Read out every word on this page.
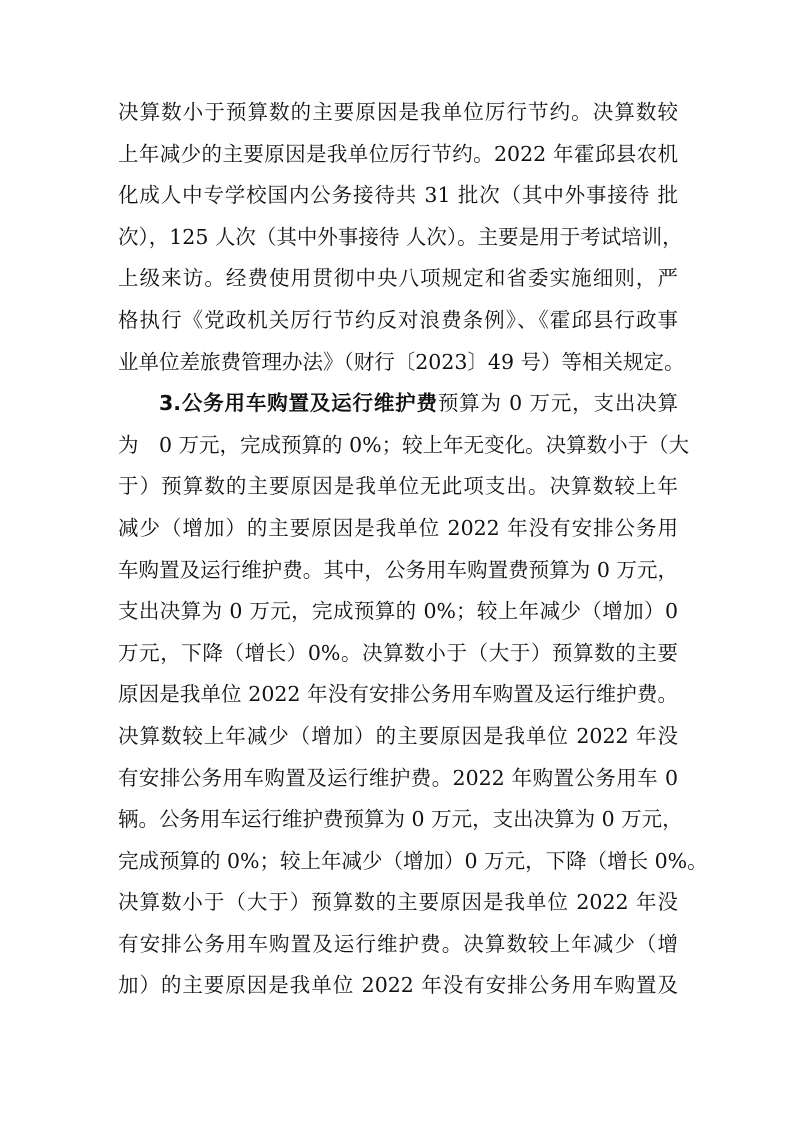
决算数小于预算数的主要原因是我单位厉行节约。决算数较
上年减少的主要原因是我单位厉行节约。2022 年霍邱县农机
化成人中专学校国内公务接待共 31 批次（其中外事接待 批
次），125 人次（其中外事接待 人次）。主要是用于考试培训，
上级来访。经费使用贯彻中央八项规定和省委实施细则，严
格执行《党政机关厉行节约反对浪费条例》、《霍邱县行政事
业单位差旅费管理办法》（财行〔2023〕49 号）等相关规定。
3.公务用车购置及运行维护费预算为 0 万元，支出决算
为　0 万元，完成预算的 0%；较上年无变化。决算数小于（大
于）预算数的主要原因是我单位无此项支出。决算数较上年
减少（增加）的主要原因是我单位 2022 年没有安排公务用
车购置及运行维护费。其中，公务用车购置费预算为 0 万元，
支出决算为 0 万元，完成预算的 0%；较上年减少（增加）0
万元，下降（增长）0%。决算数小于（大于）预算数的主要
原因是我单位 2022 年没有安排公务用车购置及运行维护费。
决算数较上年减少（增加）的主要原因是我单位 2022 年没
有安排公务用车购置及运行维护费。2022 年购置公务用车 0
辆。公务用车运行维护费预算为 0 万元，支出决算为 0 万元，
完成预算的 0%；较上年减少（增加）0 万元，下降（增长 0%。
决算数小于（大于）预算数的主要原因是我单位 2022 年没
有安排公务用车购置及运行维护费。决算数较上年减少（增
加）的主要原因是我单位 2022 年没有安排公务用车购置及
